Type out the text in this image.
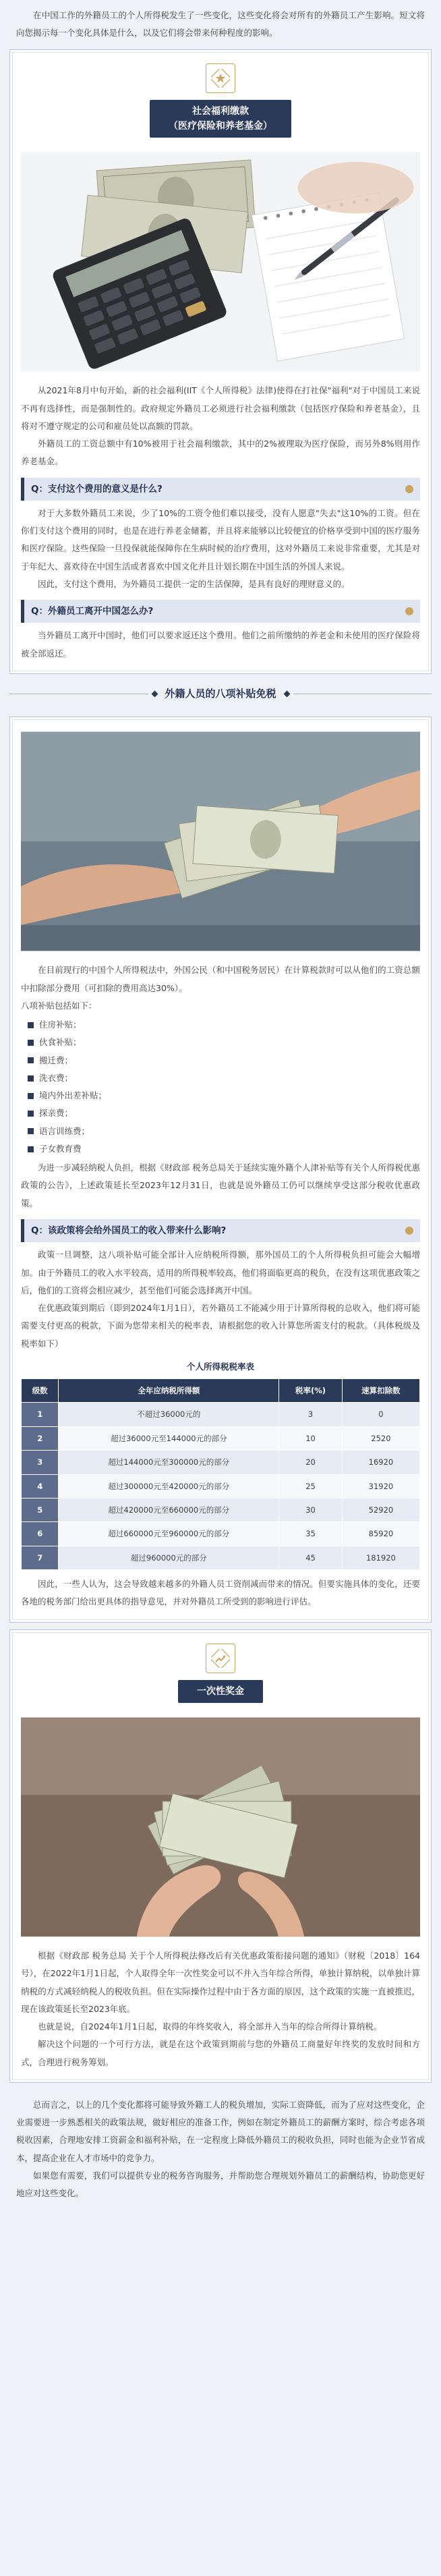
在中国工作的外籍员工的个人所得税发生了一些变化，这些变化将会对所有的外籍员工产生影响。短文将向您揭示每一个变化具体是什么，以及它们将会带来何种程度的影响。

社会福利缴款
（医疗保险和养老基金）

从2021年8月中旬开始，新的社会福利(IIT《个人所得税》法律)使得在打社保"福利"对于中国员工来说不再有选择性，而是强制性的。政府规定外籍员工必须进行社会福利缴款（包括医疗保险和养老基金），且将对不遵守规定的公司和雇员处以高额的罚款。

外籍员工的工资总额中有10%被用于社会福利缴款，其中的2%被理取为医疗保险，而另外8%则用作养老基金。

Q：支付这个费用的意义是什么?

对于大多数外籍员工来说，少了10%的工资令他们难以接受，没有人愿意"失去"这10%的工资。但在你们支付这个费用的同时，也是在进行养老金储蓄，并且将来能够以比较便宜的价格享受到中国的医疗服务和医疗保险。这些保险一旦投保就能保障你在生病时候的治疗费用，这对外籍员工来说非常重要，尤其是对于年纪大、喜欢待在中国生活或者喜欢中国文化并且计划长期在中国生活的外国人来说。

因此，支付这个费用，为外籍员工提供一定的生活保障，是具有良好的理财意义的。

Q：外籍员工离开中国怎么办?

当外籍员工离开中国时，他们可以要求返还这个费用。他们之前所缴纳的养老金和未使用的医疗保险将被全部返还。

外籍人员的八项补贴免税

在目前现行的中国个人所得税法中，外国公民（和中国税务居民）在计算税款时可以从他们的工资总额中扣除部分费用（可扣除的费用高达30%）。

八项补贴包括如下：

住房补贴；
伙食补贴；
搬迁费；
洗衣费；
境内外出差补贴；
探亲费；
语言训练费；
子女教育费

为进一步减轻纳税人负担，根据《财政部 税务总局关于延续实施外籍个人津补贴等有关个人所得税优惠政策的公告》，上述政策延长至2023年12月31日，也就是说外籍员工仍可以继续享受这部分税收优惠政策。

Q：该政策将会给外国员工的收入带来什么影响?

政策一旦调整，这八项补贴可能全部计入应纳税所得额，那外国员工的个人所得税负担可能会大幅增加。由于外籍员工的收入水平较高，适用的所得税率较高，他们将面临更高的税负，在没有这项优惠政策之后，他们的工资将会相应减少，甚至他们可能会选择离开中国。

在优惠政策到期后（即到2024年1月1日），若外籍员工不能减少用于计算所得税的总收入，他们将可能需要支付更高的税款，下面为您带来相关的税率表，请根据您的收入计算您所需支付的税款。（具体税级及税率如下）

个人所得税税率表
级数	全年应纳税所得额	税率(%)	速算扣除数
1	不超过36000元的	3	0
2	超过36000元至144000元的部分	10	2520
3	超过144000元至300000元的部分	20	16920
4	超过300000元至420000元的部分	25	31920
5	超过420000元至660000元的部分	30	52920
6	超过660000元至960000元的部分	35	85920
7	超过960000元的部分	45	181920

因此，一些人认为，这会导致越来越多的外籍人员工资削减而带来的情况。但要实施具体的变化，还要各地的税务部门给出更具体的指导意见，并对外籍员工所受到的影响进行评估。

一次性奖金

根据《财政部 税务总局 关于个人所得税法修改后有关优惠政策衔接问题的通知》（财税〔2018〕164号），在2022年1月1日起，个人取得全年一次性奖金可以不并入当年综合所得，单独计算纳税，以单独计算纳税的方式减轻纳税人的税收负担。但在实际操作过程中由于各方面的原因，这个政策的实施一直被推迟，现在该政策延长至2023年底。

也就是说，自2024年1月1日起，取得的年终奖收入，将全部并入当年的综合所得计算纳税。

解决这个问题的一个可行方法，就是在这个政策到期前与您的外籍员工商量好年终奖的发放时间和方式，合理进行税务筹划。

总而言之，以上的几个变化都将可能导致外籍工人的税负增加，实际工资降低，而为了应对这些变化，企业需要进一步熟悉相关的政策法规，做好相应的准备工作，例如在制定外籍员工的薪酬方案时，综合考虑各项税收因素，合理地安排工资薪金和福利补贴，在一定程度上降低外籍员工的税收负担，同时也能为企业节省成本，提高企业在人才市场中的竞争力。

如果您有需要，我们可以提供专业的税务咨询服务，并帮助您合理规划外籍员工的薪酬结构，协助您更好地应对这些变化。
